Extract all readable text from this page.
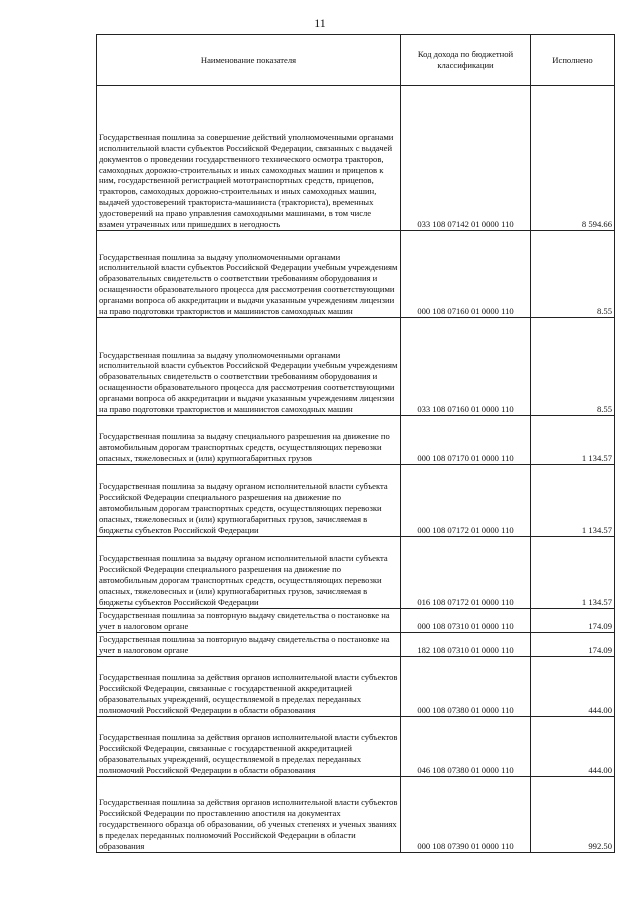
11
Наименование показателя	Код дохода по бюджетной классификации	Исполнено
Государственная пошлина за совершение действий уполномоченными органами исполнительной власти субъектов Российской Федерации, связанных с выдачей документов о проведении государственного технического осмотра тракторов, самоходных дорожно-строительных и иных самоходных машин и прицепов к ним, государственной регистрацией мототранспортных средств, прицепов, тракторов, самоходных дорожно-строительных и иных самоходных машин, выдачей удостоверений тракториста-машиниста (тракториста), временных удостоверений на право управления самоходными машинами, в том числе взамен утраченных или пришедших в негодность	033 108 07142 01 0000 110	8 594.66
Государственная пошлина за выдачу уполномоченными органами исполнительной власти субъектов Российской Федерации учебным учреждениям образовательных свидетельств о соответствии требованиям оборудования и оснащенности образовательного процесса для рассмотрения соответствующими органами вопроса об аккредитации и выдачи указанным учреждениям лицензии на право подготовки трактористов и машинистов самоходных машин	000 108 07160 01 0000 110	8.55
Государственная пошлина за выдачу уполномоченными органами исполнительной власти субъектов Российской Федерации учебным учреждениям образовательных свидетельств о соответствии требованиям оборудования и оснащенности образовательного процесса для рассмотрения соответствующими органами вопроса об аккредитации и выдачи указанным учреждениям лицензии на право подготовки трактористов и машинистов самоходных машин	033 108 07160 01 0000 110	8.55
Государственная пошлина за выдачу специального разрешения на движение по автомобильным дорогам транспортных средств, осуществляющих перевозки опасных, тяжеловесных и (или) крупногабаритных грузов	000 108 07170 01 0000 110	1 134.57
Государственная пошлина за выдачу органом исполнительной власти субъекта Российской Федерации специального разрешения на движение по автомобильным дорогам транспортных средств, осуществляющих перевозки опасных, тяжеловесных и (или) крупногабаритных грузов, зачисляемая в бюджеты субъектов Российской Федерации	000 108 07172 01 0000 110	1 134.57
Государственная пошлина за выдачу органом исполнительной власти субъекта Российской Федерации специального разрешения на движение по автомобильным дорогам транспортных средств, осуществляющих перевозки опасных, тяжеловесных и (или) крупногабаритных грузов, зачисляемая в бюджеты субъектов Российской Федерации	016 108 07172 01 0000 110	1 134.57
Государственная пошлина за повторную выдачу свидетельства о постановке на учет в налоговом органе	000 108 07310 01 0000 110	174.09
Государственная пошлина за повторную выдачу свидетельства о постановке на учет в налоговом органе	182 108 07310 01 0000 110	174.09
Государственная пошлина за действия органов исполнительной власти субъектов Российской Федерации, связанные с государственной аккредитацией образовательных учреждений, осуществляемой в пределах переданных полномочий Российской Федерации в области образования	000 108 07380 01 0000 110	444.00
Государственная пошлина за действия органов исполнительной власти субъектов Российской Федерации, связанные с государственной аккредитацией образовательных учреждений, осуществляемой в пределах переданных полномочий Российской Федерации в области образования	046 108 07380 01 0000 110	444.00
Государственная пошлина за действия органов исполнительной власти субъектов Российской Федерации по проставлению апостиля на документах государственного образца об образовании, об ученых степенях и ученых званиях в пределах переданных полномочий Российской Федерации в области образования	000 108 07390 01 0000 110	992.50
